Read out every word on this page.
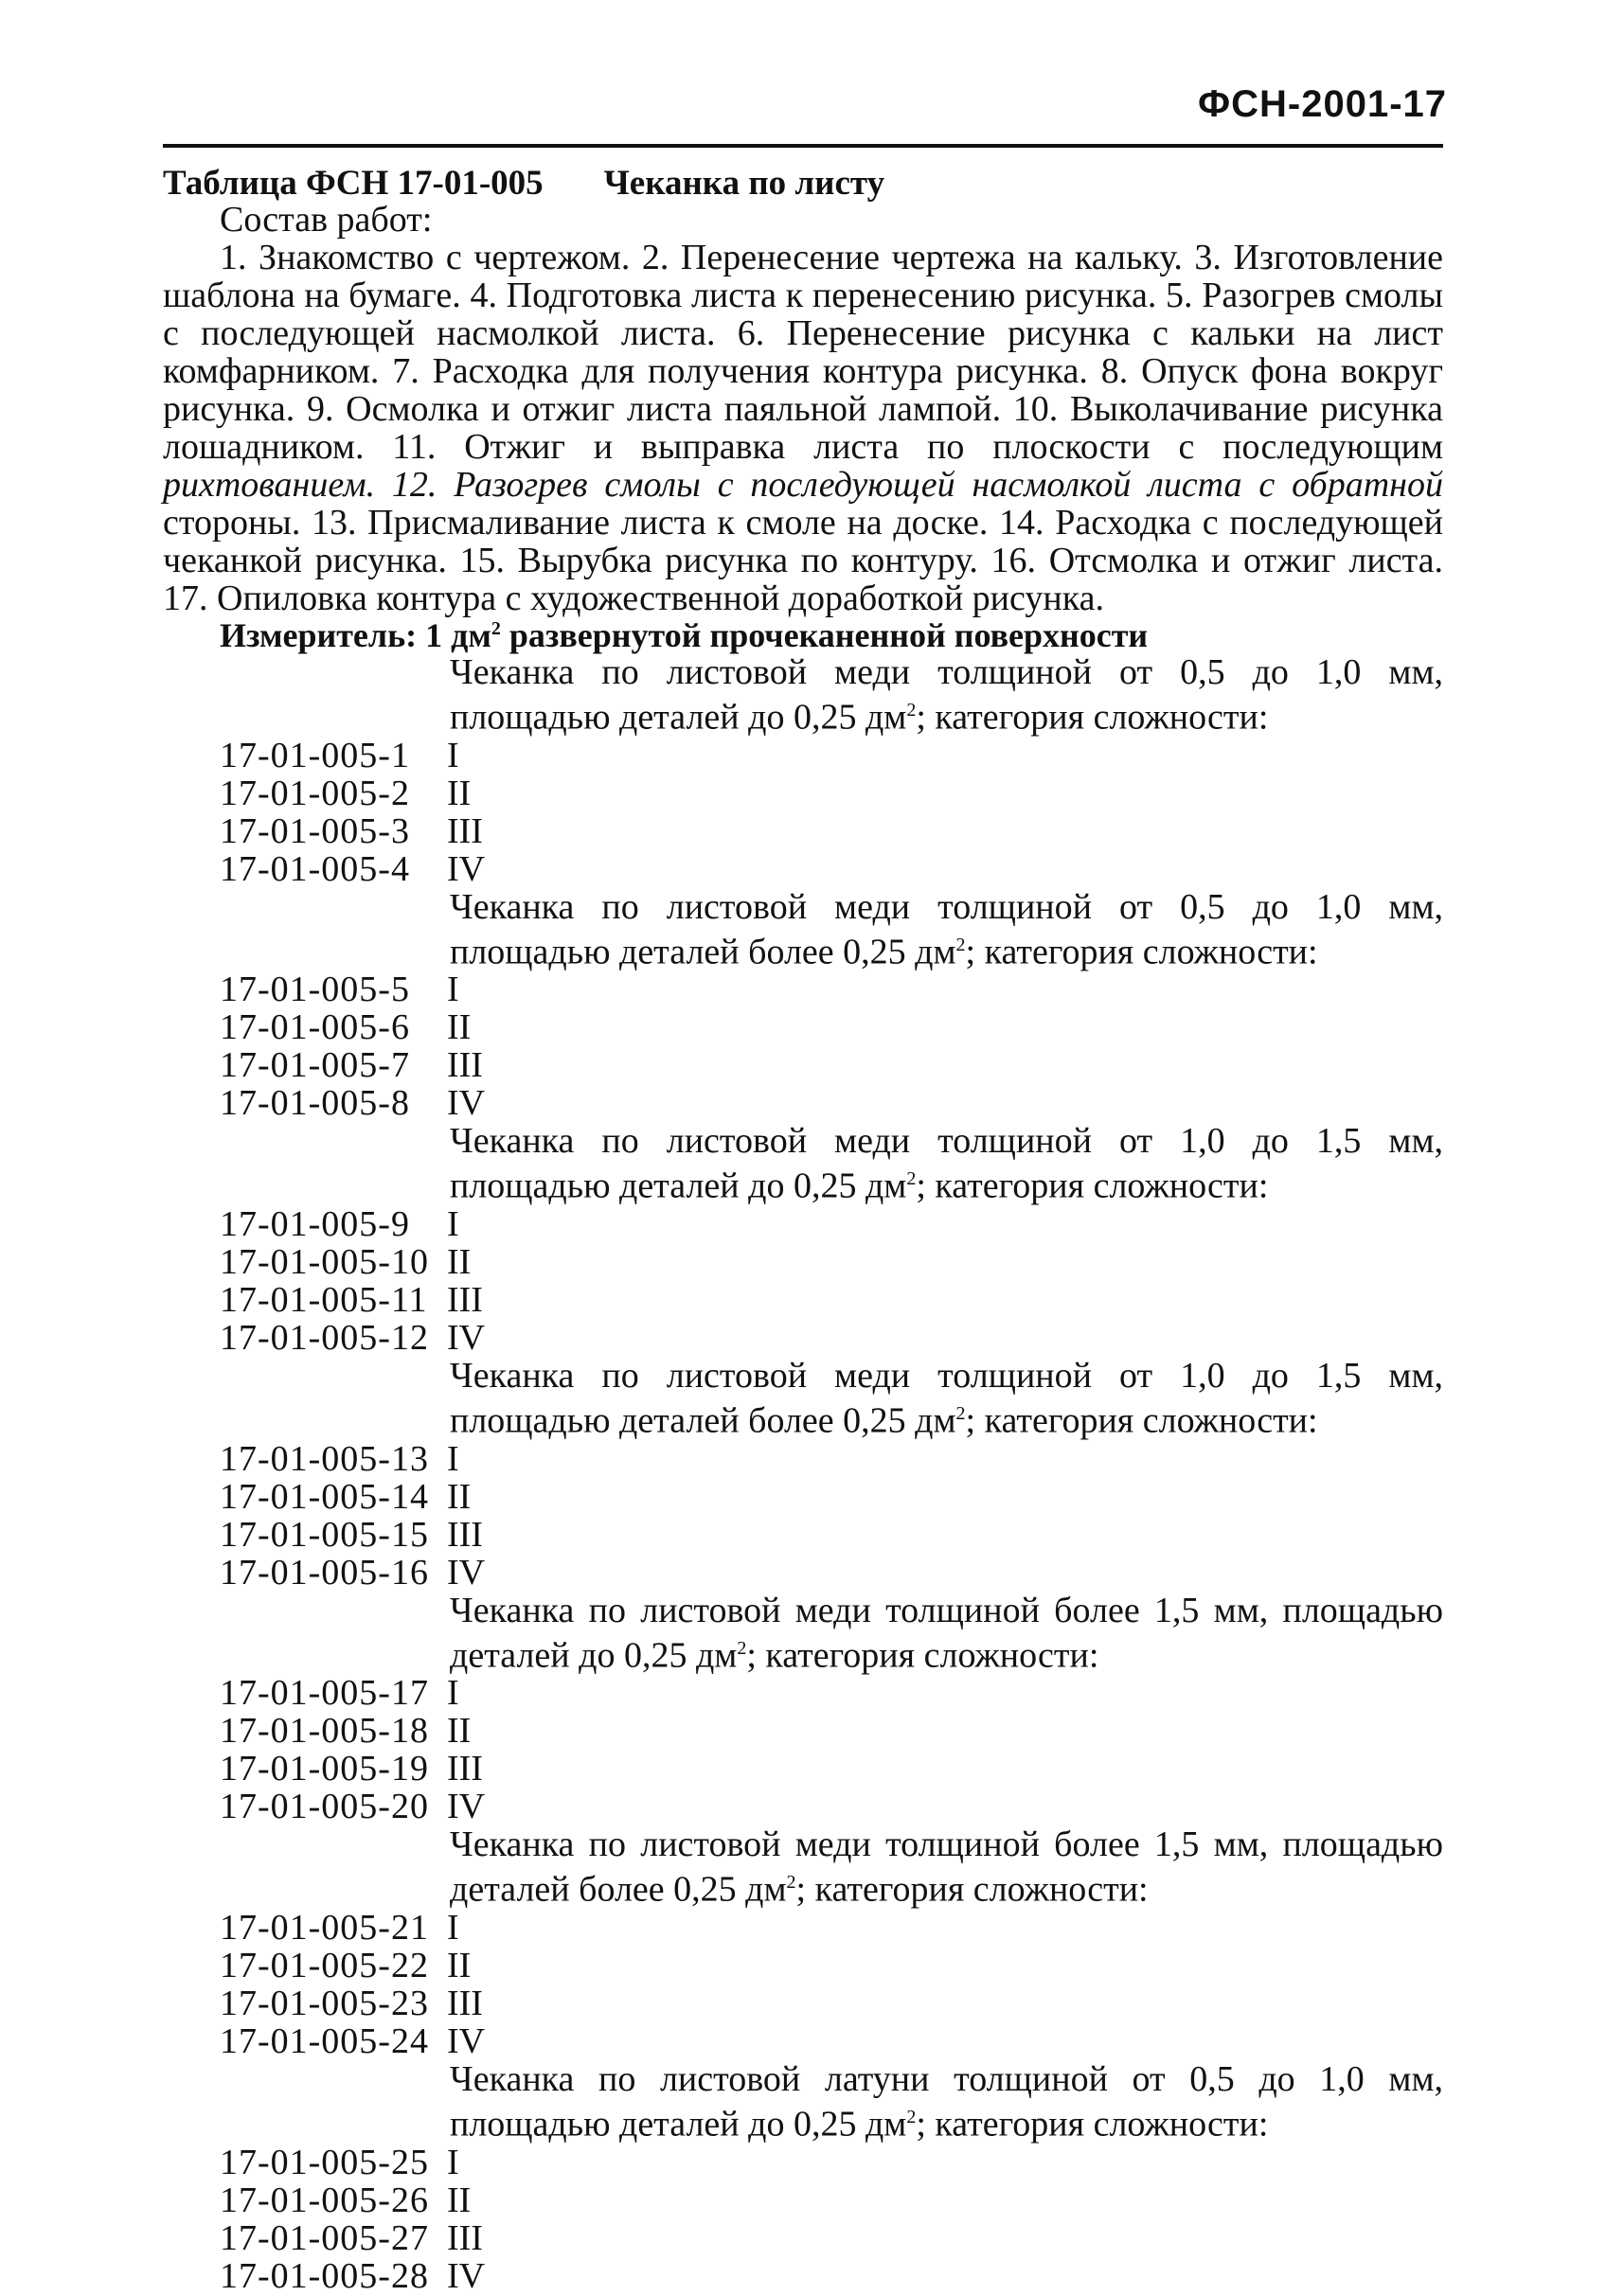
ФСН-2001-17
Таблица ФСН 17-01-005 Чеканка по листу
Состав работ:
1. Знакомство с чертежом. 2. Перенесение чертежа на кальку. 3. Изготовление шаблона на бумаге. 4. Подготовка листа к перенесению рисунка. 5. Разогрев смолы с последующей насмолкой листа. 6. Перенесение рисунка с кальки на лист комфарником. 7. Расходка для получения контура рисунка. 8. Опуск фона вокруг рисунка. 9. Осмолка и отжиг листа паяльной лампой. 10. Выколачивание рисунка лошадником. 11. Отжиг и выправка листа по плоскости с последующим рихтованием. 12. Разогрев смолы с последующей насмолкой листа с обратной стороны. 13. Присмаливание листа к смоле на доске. 14. Расходка с последующей чеканкой рисунка. 15. Вырубка рисунка по контуру. 16. Отсмолка и отжиг листа. 17. Опиловка контура с художественной доработкой рисунка.
Измеритель: 1 $дм^2$ развернутой прочеканенной поверхности
Чеканка по листовой меди толщиной от 0,5 до 1,0 мм, площадью деталей до 0,25 $дм^2$; категория сложности:
17-01-005-1	I
17-01-005-2	II
17-01-005-3	III
17-01-005-4	IV
Чеканка по листовой меди толщиной от 0,5 до 1,0 мм, площадью деталей более 0,25 $дм^2$; категория сложности:
17-01-005-5	I
17-01-005-6	II
17-01-005-7	III
17-01-005-8	IV
Чеканка по листовой меди толщиной от 1,0 до 1,5 мм, площадью деталей до 0,25 $дм^2$; категория сложности:
17-01-005-9	I
17-01-005-10 II
17-01-005-11 III
17-01-005-12 IV
Чеканка по листовой меди толщиной от 1,0 до 1,5 мм, площадью деталей более 0,25 $дм^2$; категория сложности:
17-01-005-13 I
17-01-005-14 II
17-01-005-15 III
17-01-005-16 IV
Чеканка по листовой меди толщиной более 1,5 мм, площадью деталей до 0,25 $дм^2$; категория сложности:
17-01-005-17 I
17-01-005-18 II
17-01-005-19 III
17-01-005-20 IV
Чеканка по листовой меди толщиной более 1,5 мм, площадью деталей более 0,25 $дм^2$; категория сложности:
17-01-005-21 I
17-01-005-22 II
17-01-005-23 III
17-01-005-24 IV
Чеканка по листовой латуни толщиной от 0,5 до 1,0 мм, площадью деталей до 0,25 $дм^2$; категория сложности:
17-01-005-25 I
17-01-005-26 II
17-01-005-27 III
17-01-005-28 IV
